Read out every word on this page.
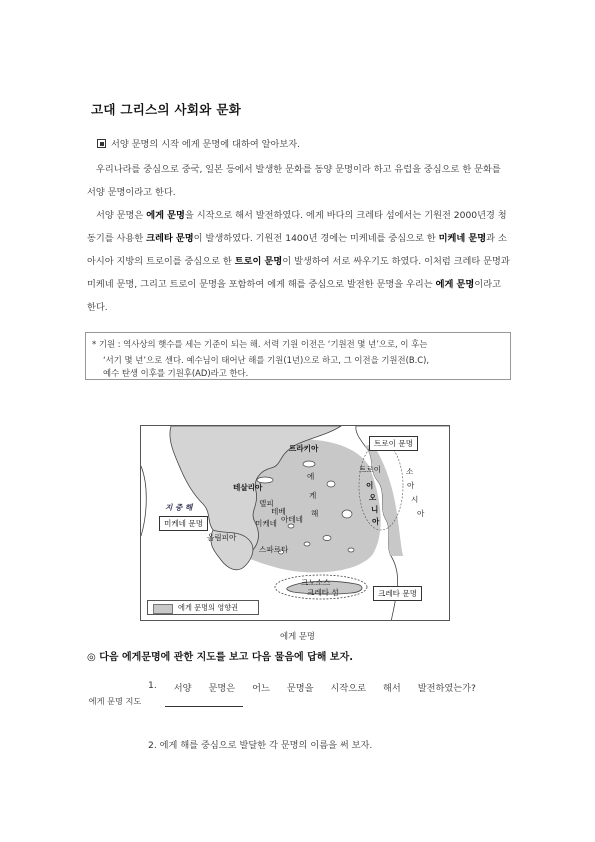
고대 그리스의 사회와 문화
서양 문명의 시작 에게 문명에 대하여 알아보자.
우리나라를 중심으로 중국, 일본 등에서 발생한 문화를 동양 문명이라 하고 유럽을 중심으로 한 문화를 서양 문명이라고 한다.
서양 문명은 에게 문명을 시작으로 해서 발전하였다. 에게 바다의 크레타 섬에서는 기원전 2000년경 청동기를 사용한 크레타 문명이 발생하였다. 기원전 1400년 경에는 미케네를 중심으로 한 미케네 문명과 소아시아 지방의 트로이를 중심으로 한 트로이 문명이 발생하여 서로 싸우기도 하였다. 이처럼 크레타 문명과 미케네 문명, 그리고 트로이 문명을 포함하여 에게 해를 중심으로 발전한 문명을 우리는 에게 문명이라고 한다.
* 기원 : 역사상의 햇수를 세는 기준이 되는 해. 서력 기원 이전은 ‘기원전 몇 년’으로, 이 후는
‘서기 몇 년’으로 센다. 예수님이 태어난 해를 기원(1년)으로 하고, 그 이전을 기원전(B.C),
예수 탄생 이후를 기원후(AD)라고 한다.
트라키아
트로이 문명
트로이
테살리아
지 중 해
미케네 문명
델피
테베
미케네 아테네
올림피아
스파르타
에
게
해
이
오
니
아
소
아
시
아
크노소스
크레타 섬	크레타 문명
에게 문명의 영향권
에게 문명
◎ 다음 에게문명에 관한 지도를 보고 다음 물음에 답해 보자.
1. 서양 문명은 어느 문명을 시작으로 해서 발전하였는가?
에게 문명 지도
2. 에게 해를 중심으로 발달한 각 문명의 이름을 써 보자.
